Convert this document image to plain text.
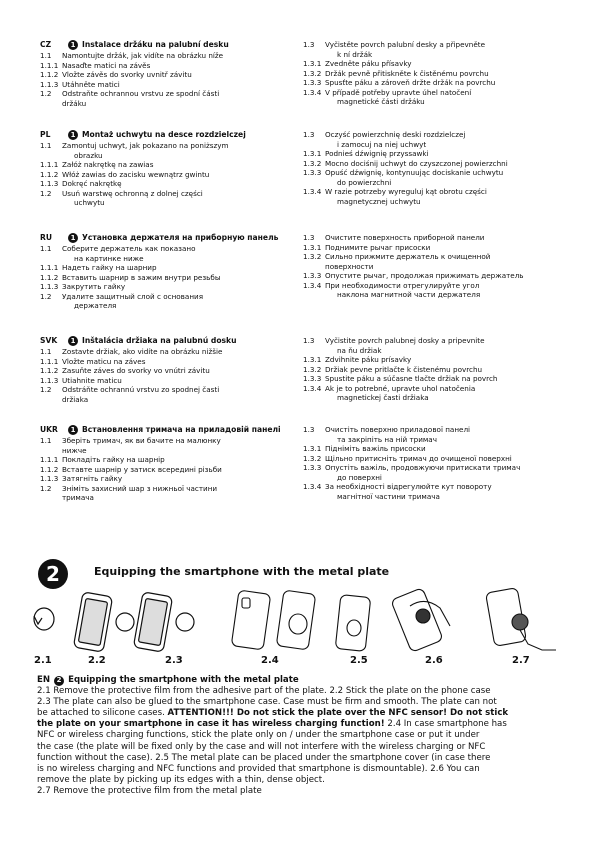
CZ	1 Instalace držáku na palubní desku
1.1	Namontujte držák, jak vidíte na obrázku níže
1.1.1 Nasaďte matici na závěs
1.1.2 Vložte závěs do svorky uvnitř závitu
1.1.3 Utáhněte matici
1.2	Odstraňte ochrannou vrstvu ze spodní části
držáku
1.3	Vyčistěte povrch palubní desky a připevněte
k ní držák
1.3.1 Zvedněte páku přísavky
1.3.2 Držák pevně přitiskněte k čistěnému povrchu
1.3.3 Spusťte páku a zároveň držte držák na povrchu
1.3.4 V případě potřeby upravte úhel natočení
magnetické části držáku
PL	1 Montaż uchwytu na desce rozdzielczej
1.1	Zamontuj uchwyt, jak pokazano na poniższym
obrazku
1.1.1 Załóż nakrętkę na zawias
1.1.2 Włóż zawias do zacisku wewnątrz gwintu
1.1.3 Dokręć nakrętkę
1.2	Usuń warstwę ochronną z dolnej części
uchwytu
1.3	Oczyść powierzchnię deski rozdzielczej
i zamocuj na niej uchwyt
1.3.1 Podnieś dźwignię przyssawki
1.3.2 Mocno dociśnij uchwyt do czyszczonej powierzchni
1.3.3 Opuść dźwignię, kontynuując dociskanie uchwytu
do powierzchni
1.3.4 W razie potrzeby wyreguluj kąt obrotu części
magnetycznej uchwytu
RU	1 Установка держателя на приборную панель
1.1	Соберите держатель как показано
на картинке ниже
1.1.1 Надеть гайку на шарнир
1.1.2 Вставить шарнир в зажим внутри резьбы
1.1.3 Закрутить гайку
1.2	Удалите защитный слой с основания
держателя
1.3	Очистите поверхность приборной панели
1.3.1 Поднимите рычаг присоски
1.3.2 Сильно прижмите держатель к очищенной
поверхности
1.3.3 Опустите рычаг, продолжая прижимать держатель
1.3.4 При необходимости отрегулируйте угол
наклона магнитной части держателя
SVK	1 Inštalácia držiaka na palubnú dosku
1.1	Zostavte držiak, ako vidíte na obrázku nižšie
1.1.1 Vložte maticu na záves
1.1.2 Zasuňte záves do svorky vo vnútri závitu
1.1.3 Utiahnite maticu
1.2	Odstráňte ochrannú vrstvu zo spodnej časti
držiaka
1.3	Vyčistite povrch palubnej dosky a pripevnite
na ňu držiak
1.3.1 Zdvihnite páku prísavky
1.3.2 Držiak pevne pritlačte k čistenému povrchu
1.3.3 Spustite páku a súčasne tlačte držiak na povrch
1.3.4 Ak je to potrebné, upravte uhol natočenia
magnetickej časti držiaka
UKR	1 Встановлення тримача на приладовій панелі
1.1	Зберіть тримач, як ви бачите на малюнку
нижче
1.1.1 Покладіть гайку на шарнір
1.1.2 Вставте шарнір у затиск всередині різьби
1.1.3 Затягніть гайку
1.2	Зніміть захисний шар з нижньої частини
тримача
1.3	Очистіть поверхню приладової панелі
та закріпіть на ній тримач
1.3.1 Підніміть важіль присоски
1.3.2 Щільно притисніть тримач до очищеної поверхні
1.3.3 Опустіть важіль, продовжуючи притискати тримач
до поверхні
1.3.4 За необхідності відрегулюйте кут повороту
магнітної частини тримача
2	Equipping the smartphone with the metal plate
2.1	2.2	2.3	2.4	2.5	2.6	2.7
EN 2 Equipping the smartphone with the metal plate
2.1 Remove the protective film from the adhesive part of the plate. 2.2 Stick the plate on the phone case
2.3 The plate can also be glued to the smartphone case. Case must be firm and smooth. The plate can not
be attached to silicone cases. ATTENTION!!! Do not stick the plate over the NFC sensor! Do not stick
the plate on your smartphone in case it has wireless charging function! 2.4 In case smartphone has
NFC or wireless charging functions, stick the plate only on / under the smartphone case or put it under
the case (the plate will be fixed only by the case and will not interfere with the wireless charging or NFC
function without the case). 2.5 The metal plate can be placed under the smartphone cover (in case there
is no wireless charging and NFC functions and provided that smartphone is dismountable). 2.6 You can
remove the plate by picking up its edges with a thin, dense object.
2.7 Remove the protective film from the metal plate
